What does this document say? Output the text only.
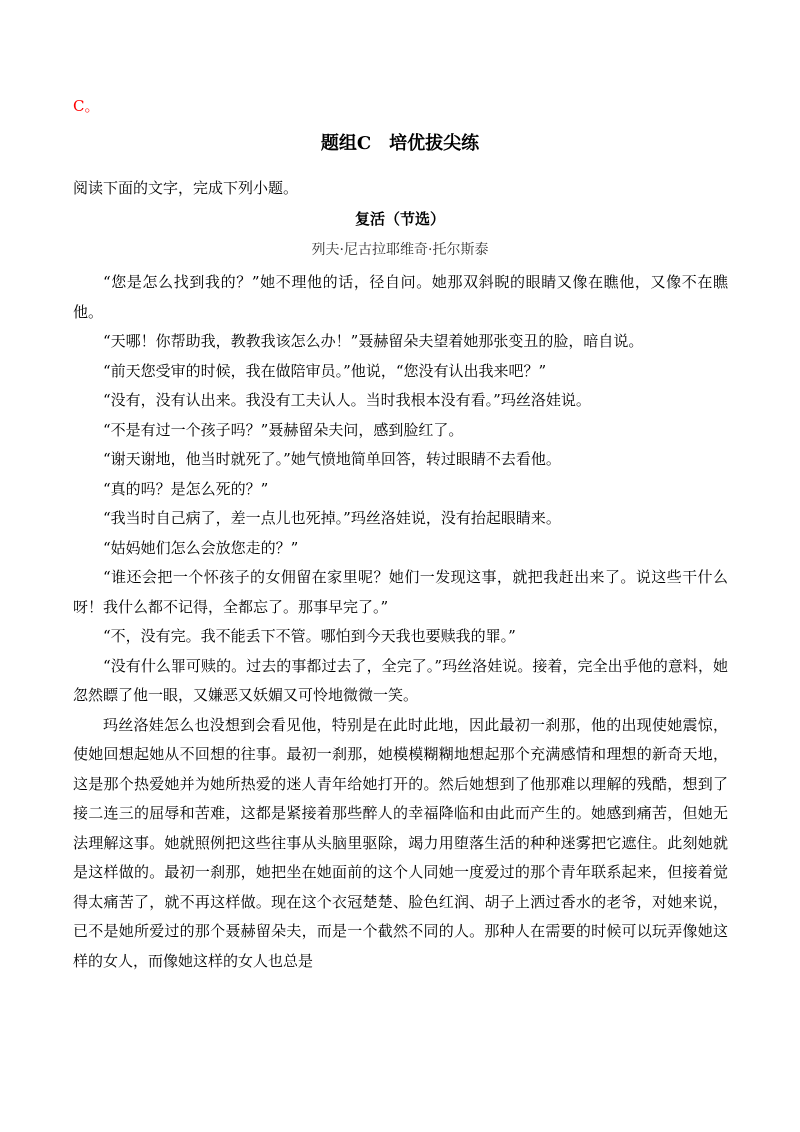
C。
题组C　培优拔尖练
阅读下面的文字，完成下列小题。
复活（节选）
列夫·尼古拉耶维奇·托尔斯泰

“您是怎么找到我的？”她不理他的话，径自问。她那双斜睨的眼睛又像在瞧他，又像不在瞧他。

“天哪！你帮助我，教教我该怎么办！”聂赫留朵夫望着她那张变丑的脸，暗自说。

“前天您受审的时候，我在做陪审员。”他说，“您没有认出我来吧？”

“没有，没有认出来。我没有工夫认人。当时我根本没有看。”玛丝洛娃说。

“不是有过一个孩子吗？”聂赫留朵夫问，感到脸红了。

“谢天谢地，他当时就死了。”她气愤地简单回答，转过眼睛不去看他。

“真的吗？是怎么死的？”

“我当时自己病了，差一点儿也死掉。”玛丝洛娃说，没有抬起眼睛来。

“姑妈她们怎么会放您走的？”

“谁还会把一个怀孩子的女佣留在家里呢？她们一发现这事，就把我赶出来了。说这些干什么呀！我什么都不记得，全都忘了。那事早完了。”

“不，没有完。我不能丢下不管。哪怕到今天我也要赎我的罪。”

“没有什么罪可赎的。过去的事都过去了，全完了。”玛丝洛娃说。接着，完全出乎他的意料，她忽然瞟了他一眼，又嫌恶又妖媚又可怜地微微一笑。

玛丝洛娃怎么也没想到会看见他，特别是在此时此地，因此最初一刹那，他的出现使她震惊，使她回想起她从不回想的往事。最初一刹那，她模模糊糊地想起那个充满感情和理想的新奇天地，这是那个热爱她并为她所热爱的迷人青年给她打开的。然后她想到了他那难以理解的残酷，想到了接二连三的屈辱和苦难，这都是紧接着那些醉人的幸福降临和由此而产生的。她感到痛苦，但她无法理解这事。她就照例把这些往事从头脑里驱除，竭力用堕落生活的种种迷雾把它遮住。此刻她就是这样做的。最初一刹那，她把坐在她面前的这个人同她一度爱过的那个青年联系起来，但接着觉得太痛苦了，就不再这样做。现在这个衣冠楚楚、脸色红润、胡子上洒过香水的老爷，对她来说，已不是她所爱过的那个聂赫留朵夫，而是一个截然不同的人。那种人在需要的时候可以玩弄像她这样的女人，而像她这样的女人也总是
